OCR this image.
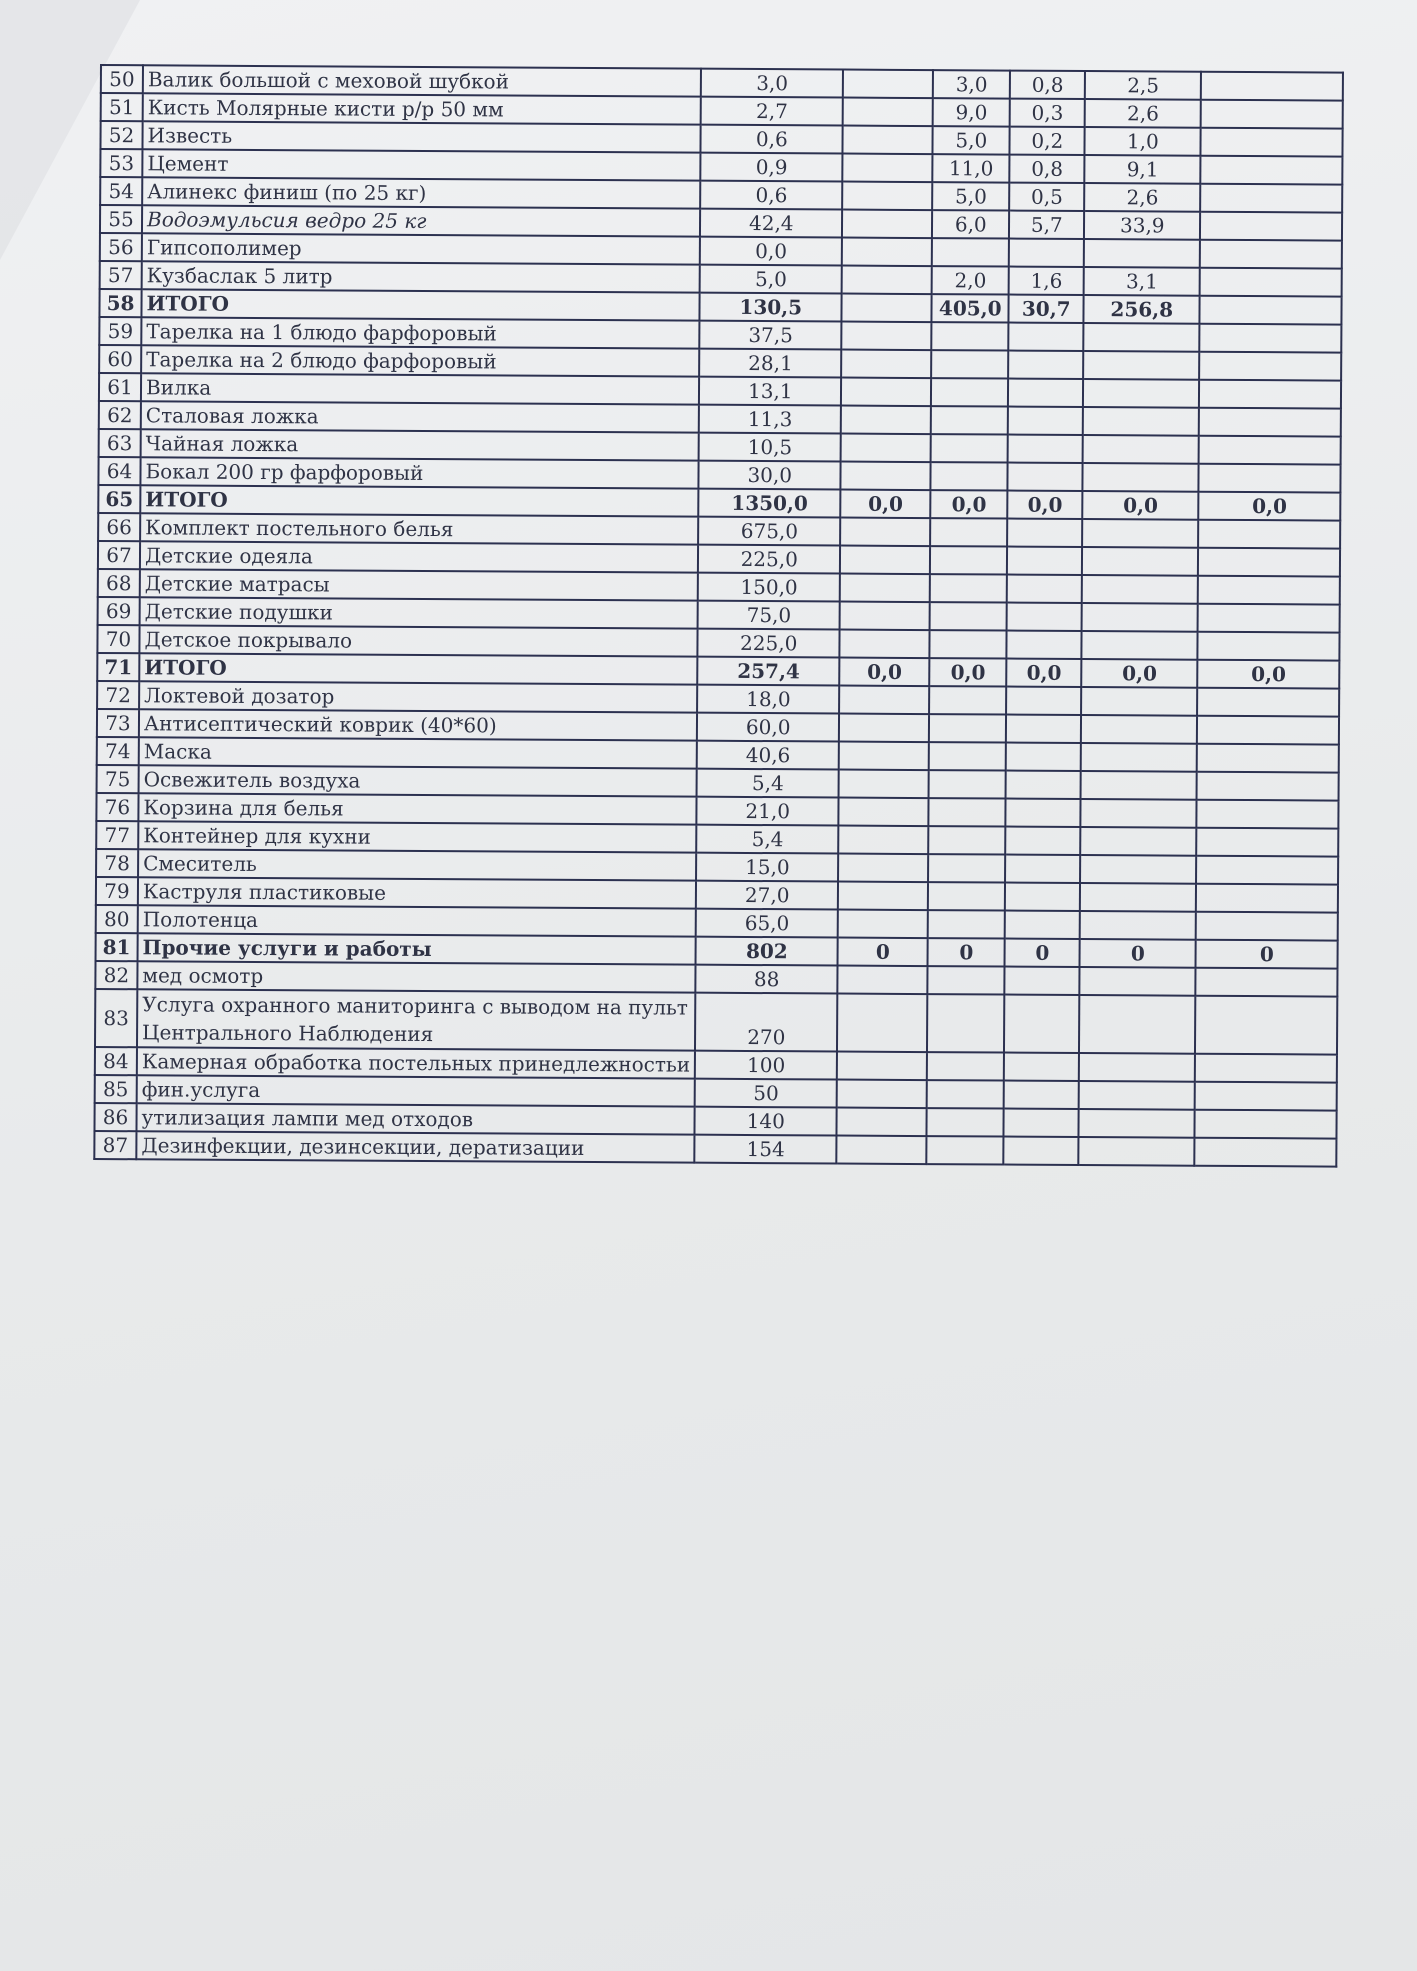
50	Валик большой с меховой шубкой	3,0		3,0	0,8	2,5	
51	Кисть Молярные кисти р/р 50 мм	2,7		9,0	0,3	2,6	
52	Известь	0,6		5,0	0,2	1,0	
53	Цемент	0,9		11,0	0,8	9,1	
54	Алинекс финиш (по 25 кг)	0,6		5,0	0,5	2,6	
55	Водоэмульсия ведро 25 кг	42,4		6,0	5,7	33,9	
56	Гипсополимер	0,0					
57	Кузбаслак 5 литр	5,0		2,0	1,6	3,1	
58	ИТОГО	130,5		405,0	30,7	256,8	
59	Тарелка на 1 блюдо фарфоровый	37,5					
60	Тарелка на 2 блюдо фарфоровый	28,1					
61	Вилка	13,1					
62	Сталовая ложка	11,3					
63	Чайная ложка	10,5					
64	Бокал 200 гр фарфоровый	30,0					
65	ИТОГО	1350,0	0,0	0,0	0,0	0,0	0,0
66	Комплект постельного белья	675,0					
67	Детские одеяла	225,0					
68	Детские матрасы	150,0					
69	Детские подушки	75,0					
70	Детское покрывало	225,0					
71	ИТОГО	257,4	0,0	0,0	0,0	0,0	0,0
72	Локтевой дозатор	18,0					
73	Антисептический коврик (40*60)	60,0					
74	Маска	40,6					
75	Освежитель воздуха	5,4					
76	Корзина для белья	21,0					
77	Контейнер для кухни	5,4					
78	Смеситель	15,0					
79	Каструля пластиковые	27,0					
80	Полотенца	65,0					
81	Прочие услуги и работы	802	0	0	0	0	0
82	мед осмотр	88					
83	Услуга охранного маниторинга с выводом на пульт Центрального Наблюдения	270					
84	Камерная обработка постельных принедлежностьи	100					
85	фин.услуга	50					
86	утилизация лампи мед отходов	140					
87	Дезинфекции, дезинсекции, дератизации	154					
